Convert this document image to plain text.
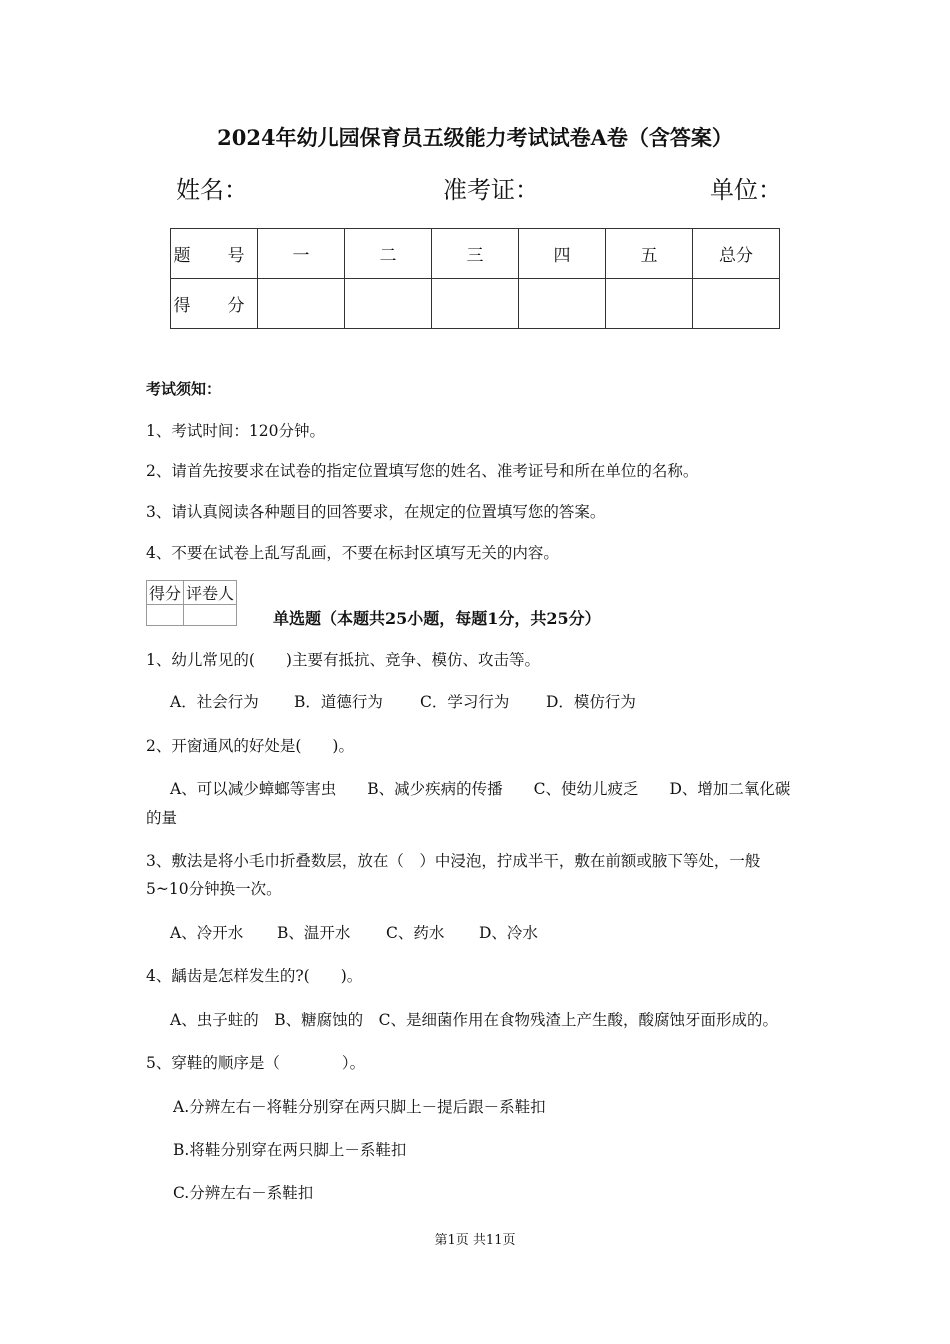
2024年幼儿园保育员五级能力考试试卷A卷（含答案）
姓名：	准考证：	单位：
题　号	一	二	三	四	五	总分
得　分						
考试须知：
1、考试时间：120分钟。
2、请首先按要求在试卷的指定位置填写您的姓名、准考证号和所在单位的名称。
3、请认真阅读各种题目的回答要求，在规定的位置填写您的答案。
4、不要在试卷上乱写乱画，不要在标封区填写无关的内容。
得分	评卷人

单选题（本题共25小题，每题1分，共25分）
1、幼儿常见的(　　)主要有抵抗、竞争、模仿、攻击等。
A．社会行为 B．道德行为 C．学习行为 D．模仿行为
2、开窗通风的好处是(　　)。
A、可以减少蟑螂等害虫　　B、减少疾病的传播　　C、使幼儿疲乏　　D、增加二氧化碳
的量
3、敷法是将小毛巾折叠数层，放在（　）中浸泡，拧成半干，敷在前额或腋下等处，一般
5~10分钟换一次。
A、冷开水 B、温开水 C、药水 D、冷水
4、龋齿是怎样发生的?(　　)。
A、虫子蛀的　B、糖腐蚀的　C、是细菌作用在食物残渣上产生酸，酸腐蚀牙面形成的。
5、穿鞋的顺序是（　　　　）。
A.分辨左右－将鞋分别穿在两只脚上－提后跟－系鞋扣
B.将鞋分别穿在两只脚上－系鞋扣
C.分辨左右－系鞋扣
第1页 共11页
